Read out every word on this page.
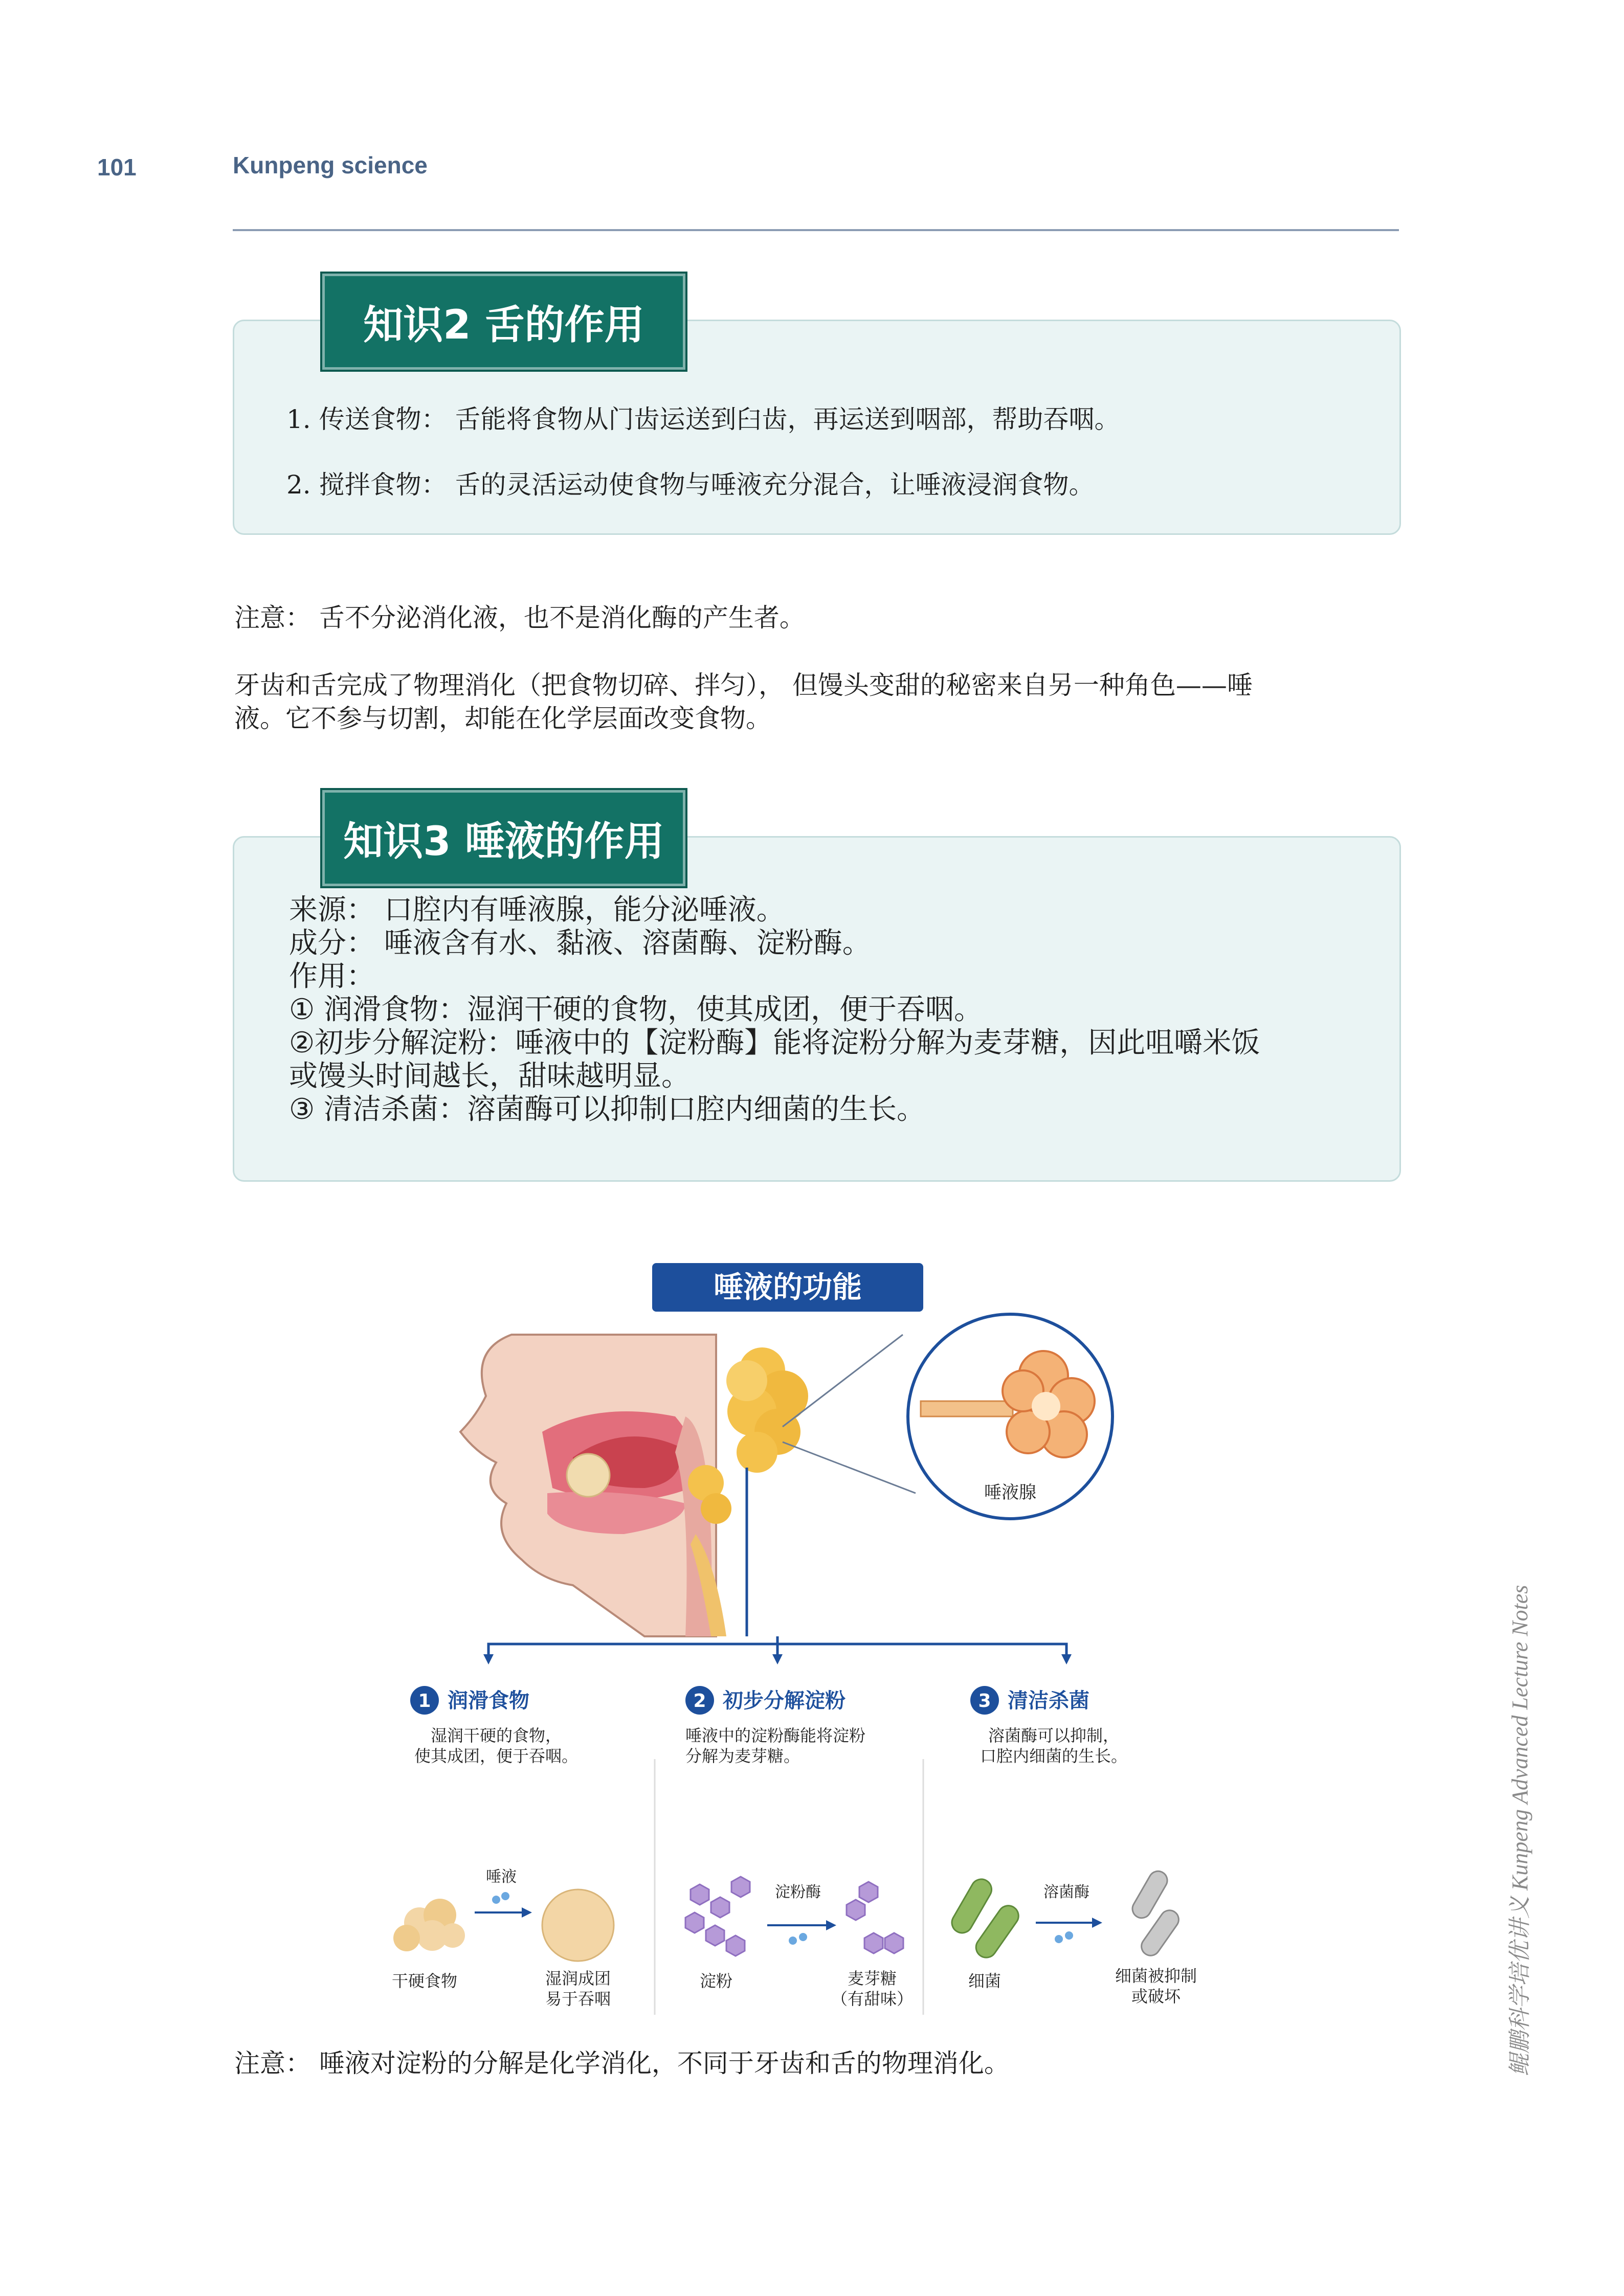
101	Kunpeng science
知识2 舌的作用
1. 传送食物： 舌能将食物从门齿运送到臼齿，再运送到咽部，帮助吞咽。
2. 搅拌食物： 舌的灵活运动使食物与唾液充分混合，让唾液浸润食物。
注意： 舌不分泌消化液，也不是消化酶的产生者。
牙齿和舌完成了物理消化（把食物切碎、拌匀）， 但馒头变甜的秘密来自另一种角色——唾
液。它不参与切割，却能在化学层面改变食物。
知识3 唾液的作用
来源： 口腔内有唾液腺，能分泌唾液。
成分： 唾液含有水、黏液、溶菌酶、淀粉酶。
作用：
① 润滑食物：湿润干硬的食物，使其成团，便于吞咽。
②初步分解淀粉：唾液中的【淀粉酶】能将淀粉分解为麦芽糖，因此咀嚼米饭
或馒头时间越长，甜味越明显。
③ 清洁杀菌：溶菌酶可以抑制口腔内细菌的生长。
唾液的功能
唾液腺
1 润滑食物
湿润干硬的食物，
使其成团，便于吞咽。
唾液
干硬食物	湿润成团
易于吞咽
2 初步分解淀粉
唾液中的淀粉酶能将淀粉
分解为麦芽糖。
淀粉酶
淀粉	麦芽糖
（有甜味）
3 清洁杀菌
溶菌酶可以抑制，
口腔内细菌的生长。
溶菌酶
细菌	细菌被抑制
或破坏
注意： 唾液对淀粉的分解是化学消化，不同于牙齿和舌的物理消化。	鲲鹏科学培优讲义 Kunpeng Advanced Lecture Notes
